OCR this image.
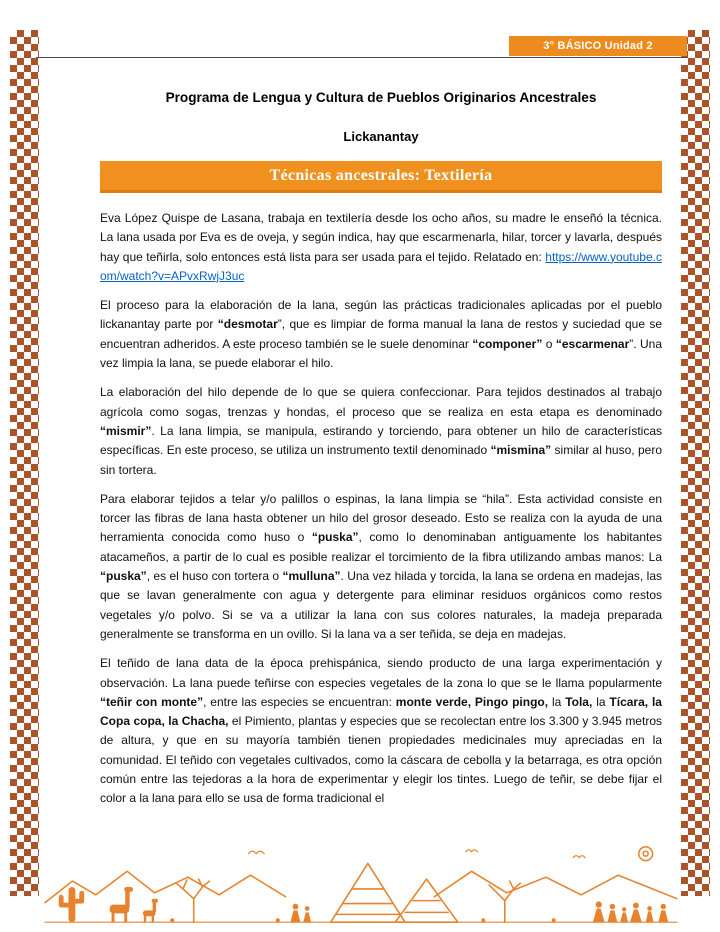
3° BÁSICO Unidad 2
Programa de Lengua y Cultura de Pueblos Originarios Ancestrales
Lickanantay
Técnicas ancestrales: Textilería

Eva López Quispe de Lasana, trabaja en textilería desde los ocho años, su madre le enseñó la técnica. La lana usada por Eva es de oveja, y según indica, hay que escarmenarla, hilar, torcer y lavarla, después hay que teñirla, solo entonces está lista para ser usada para el tejido. Relatado en: https://www.youtube.com/watch?v=APvxRwjJ3uc

El proceso para la elaboración de la lana, según las prácticas tradicionales aplicadas por el pueblo lickanantay parte por “desmotar”, que es limpiar de forma manual la lana de restos y suciedad que se encuentran adheridos. A este proceso también se le suele denominar “componer” o “escarmenar”. Una vez limpia la lana, se puede elaborar el hilo.

La elaboración del hilo depende de lo que se quiera confeccionar. Para tejidos destinados al trabajo agrícola como sogas, trenzas y hondas, el proceso que se realiza en esta etapa es denominado “mismir”. La lana limpia, se manipula, estirando y torciendo, para obtener un hilo de características específicas. En este proceso, se utiliza un instrumento textil denominado “mismina” similar al huso, pero sin tortera.

Para elaborar tejidos a telar y/o palillos o espinas, la lana limpia se “hila”. Esta actividad consiste en torcer las fibras de lana hasta obtener un hilo del grosor deseado. Esto se realiza con la ayuda de una herramienta conocida como huso o “puska”, como lo denominaban antiguamente los habitantes atacameños, a partir de lo cual es posible realizar el torcimiento de la fibra utilizando ambas manos: La “puska”, es el huso con tortera o “mulluna”. Una vez hilada y torcida, la lana se ordena en madejas, las que se lavan generalmente con agua y detergente para eliminar residuos orgánicos como restos vegetales y/o polvo. Si se va a utilizar la lana con sus colores naturales, la madeja preparada generalmente se transforma en un ovillo. Si la lana va a ser teñida, se deja en madejas.

El teñido de lana data de la época prehispánica, siendo producto de una larga experimentación y observación. La lana puede teñirse con especies vegetales de la zona lo que se le llama popularmente “teñir con monte”, entre las especies se encuentran: monte verde, Pingo pingo, la Tola, la Tícara, la Copa copa, la Chacha, el Pimiento, plantas y especies que se recolectan entre los 3.300 y 3.945 metros de altura, y que en su mayoría también tienen propiedades medicinales muy apreciadas en la comunidad. El teñido con vegetales cultivados, como la cáscara de cebolla y la betarraga, es otra opción común entre las tejedoras a la hora de experimentar y elegir los tintes. Luego de teñir, se debe fijar el color a la lana para ello se usa de forma tradicional el
